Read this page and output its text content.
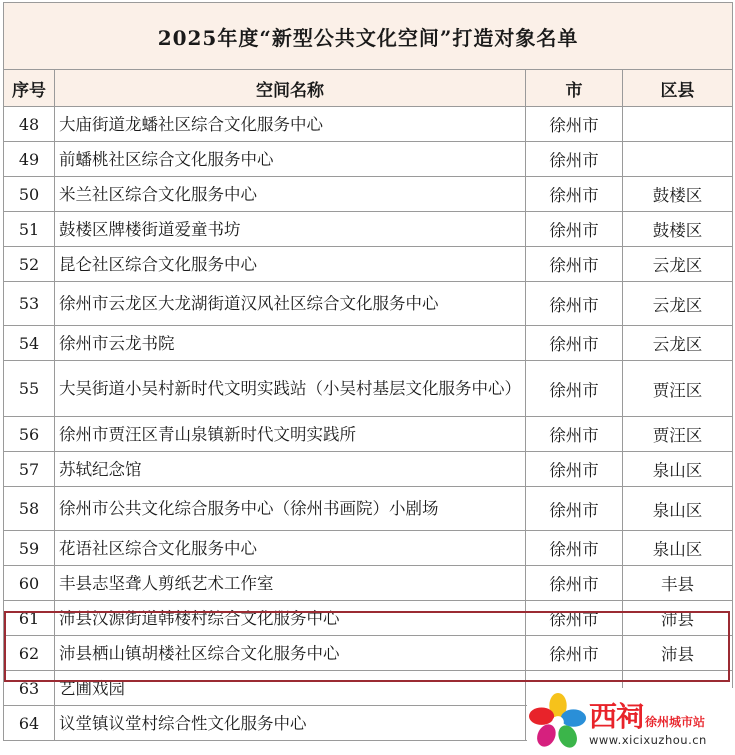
2025年度“新型公共文化空间”打造对象名单			
序号	空间名称	市	区县
48	大庙街道龙蟠社区综合文化服务中心	徐州市	
49	前蟠桃社区综合文化服务中心	徐州市	
50	米兰社区综合文化服务中心	徐州市	鼓楼区
51	鼓楼区牌楼街道爱童书坊	徐州市	鼓楼区
52	昆仑社区综合文化服务中心	徐州市	云龙区
53	徐州市云龙区大龙湖街道汉风社区综合文化服务中心	徐州市	云龙区
54	徐州市云龙书院	徐州市	云龙区
55	大吴街道小吴村新时代文明实践站（小吴村基层文化服务中心）	徐州市	贾汪区
56	徐州市贾汪区青山泉镇新时代文明实践所	徐州市	贾汪区
57	苏轼纪念馆	徐州市	泉山区
58	徐州市公共文化综合服务中心（徐州书画院）小剧场	徐州市	泉山区
59	花语社区综合文化服务中心	徐州市	泉山区
60	丰县志坚聋人剪纸艺术工作室	徐州市	丰县
61	沛县汉源街道韩楼村综合文化服务中心	徐州市	沛县
62	沛县栖山镇胡楼社区综合文化服务中心	徐州市	沛县
63	艺圃戏园		
64	议堂镇议堂村综合性文化服务中心			西祠 徐州城市站
www.xicixuzhou.cn
